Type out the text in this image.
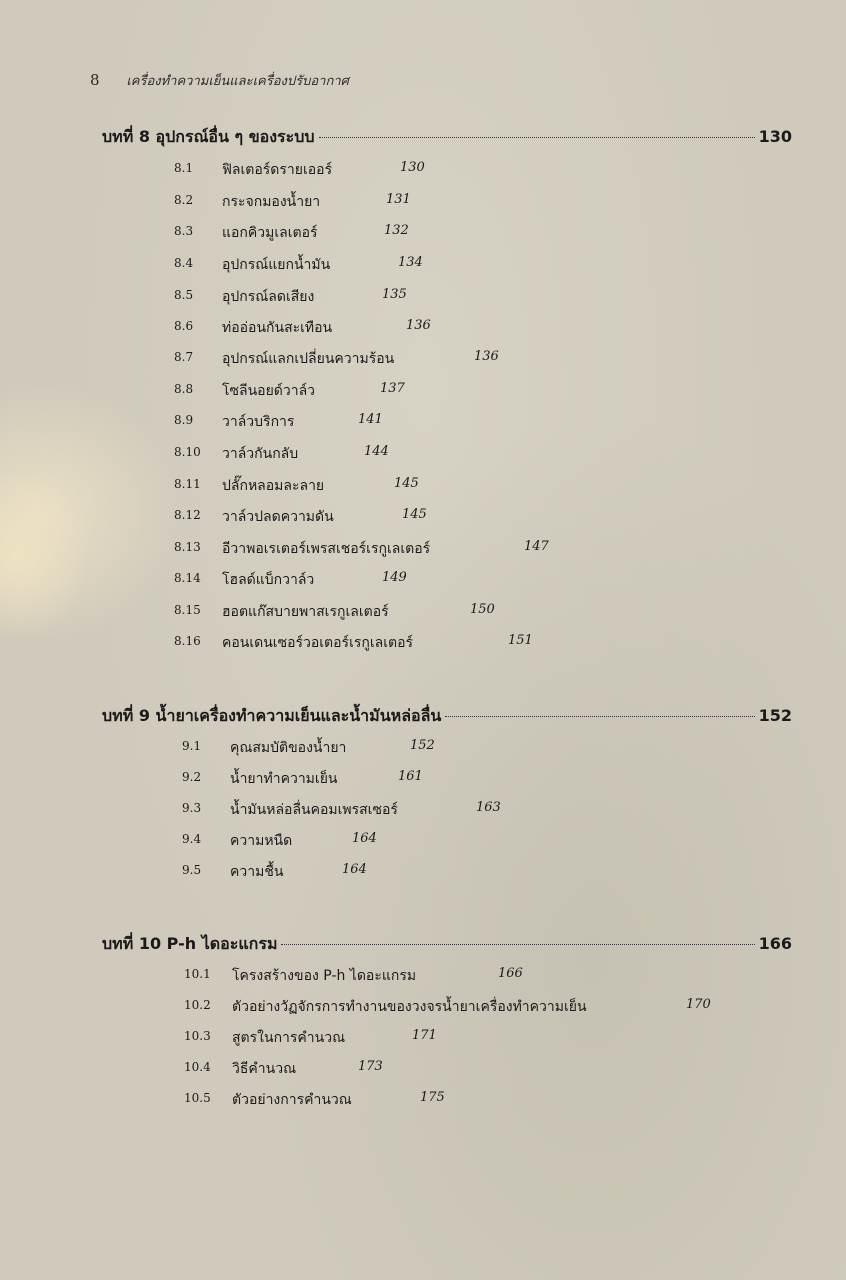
8 เครื่องทำความเย็นและเครื่องปรับอากาศ
บทที่ 8 อุปกรณ์อื่น ๆ ของระบบ	130
8.1	ฟิลเตอร์ดรายเออร์	130
8.2	กระจกมองน้ำยา	131
8.3	แอกคิวมูเลเตอร์	132
8.4	อุปกรณ์แยกน้ำมัน	134
8.5	อุปกรณ์ลดเสียง	135
8.6	ท่ออ่อนกันสะเทือน	136
8.7	อุปกรณ์แลกเปลี่ยนความร้อน	136
8.8	โซลีนอยด์วาล์ว	137
8.9	วาล์วบริการ	141
8.10	วาล์วกันกลับ	144
8.11	ปลั๊กหลอมละลาย	145
8.12	วาล์วปลดความดัน	145
8.13	อีวาพอเรเตอร์เพรสเชอร์เรกูเลเตอร์	147
8.14	โฮลด์แบ็กวาล์ว	149
8.15	ฮอตแก๊สบายพาสเรกูเลเตอร์	150
8.16	คอนเดนเซอร์วอเตอร์เรกูเลเตอร์	151
บทที่ 9 น้ำยาเครื่องทำความเย็นและน้ำมันหล่อลื่น	152
9.1	คุณสมบัติของน้ำยา	152
9.2	น้ำยาทำความเย็น	161
9.3	น้ำมันหล่อลื่นคอมเพรสเซอร์	163
9.4	ความหนืด	164
9.5	ความชื้น	164
บทที่ 10 P-h ไดอะแกรม	166
10.1	โครงสร้างของ P-h ไดอะแกรม	166
10.2	ตัวอย่างวัฏจักรการทำงานของวงจรน้ำยาเครื่องทำความเย็น	170
10.3	สูตรในการคำนวณ	171
10.4	วิธีคำนวณ	173
10.5	ตัวอย่างการคำนวณ	175
